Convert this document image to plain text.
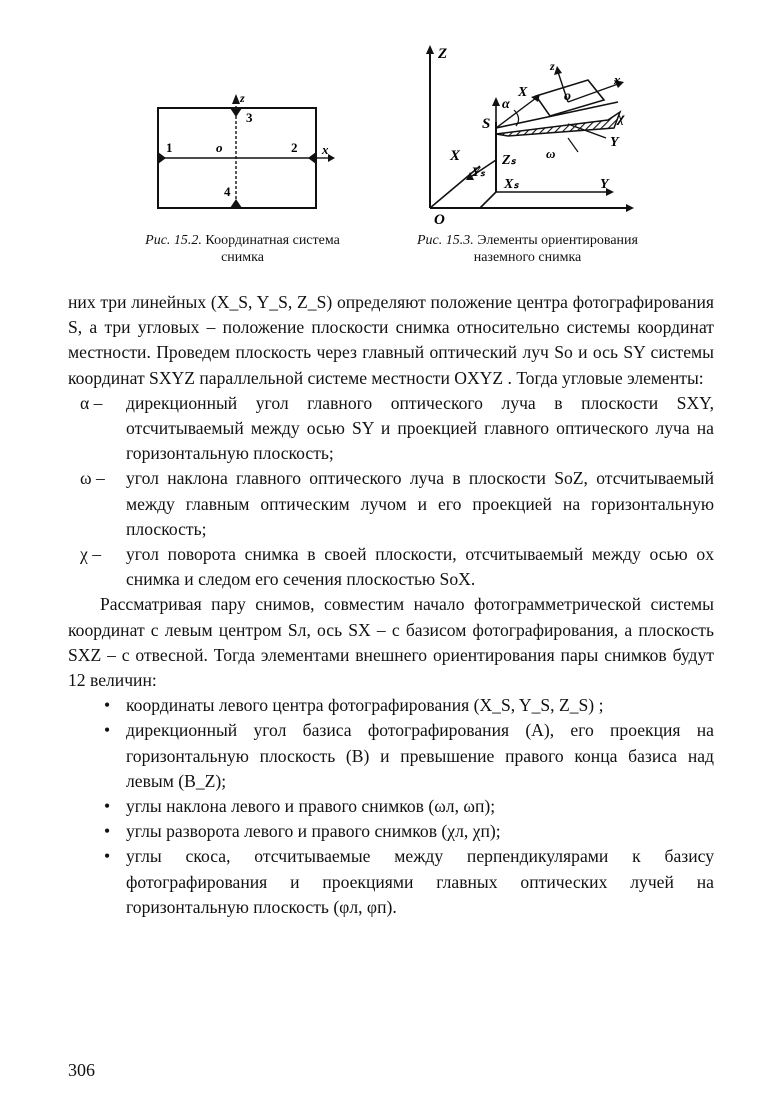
z
3
1	o	2 x
4
Рис. 15.2. Координатная система снимка
Z
S
α
X
z
o
x
χ
Y
ω
X
Yₛ
Zₛ
Xₛ	Y
O
Рис. 15.3. Элементы ориентирования наземного снимка

них три линейных (X_S, Y_S, Z_S) определяют положение центра фотографирования S, а три угловых – положение плоскости снимка относительно системы координат местности. Проведем плоскость через главный оптический луч So и ось SY системы координат SXYZ параллельной системе местности OXYZ . Тогда угловые элементы:

α – дирекционный угол главного оптического луча в плоскости SXY, отсчитываемый между осью SY и проекцией главного оптического луча на горизонтальную плоскость;
ω – угол наклона главного оптического луча в плоскости SoZ, отсчитываемый между главным оптическим лучом и его проекцией на горизонтальную плоскость;
χ – угол поворота снимка в своей плоскости, отсчитываемый между осью ox снимка и следом его сечения плоскостью SoX.

Рассматривая пару снимов, совместим начало фотограмметрической системы координат с левым центром Sл, ось SX – с базисом фотографирования, а плоскость SXZ – с отвесной. Тогда элементами внешнего ориентирования пары снимков будут 12 величин:

• координаты левого центра фотографирования (X_S, Y_S, Z_S) ;
• дирекционный угол базиса фотографирования (A), его проекция на горизонтальную плоскость (B) и превышение правого конца базиса над левым (B_Z);
• углы наклона левого и правого снимков (ωл, ωп);
• углы разворота левого и правого снимков (χл, χп);
• углы скоса, отсчитываемые между перпендикулярами к базису фотографирования и проекциями главных оптических лучей на горизонтальную плоскость (φл, φп).
306
